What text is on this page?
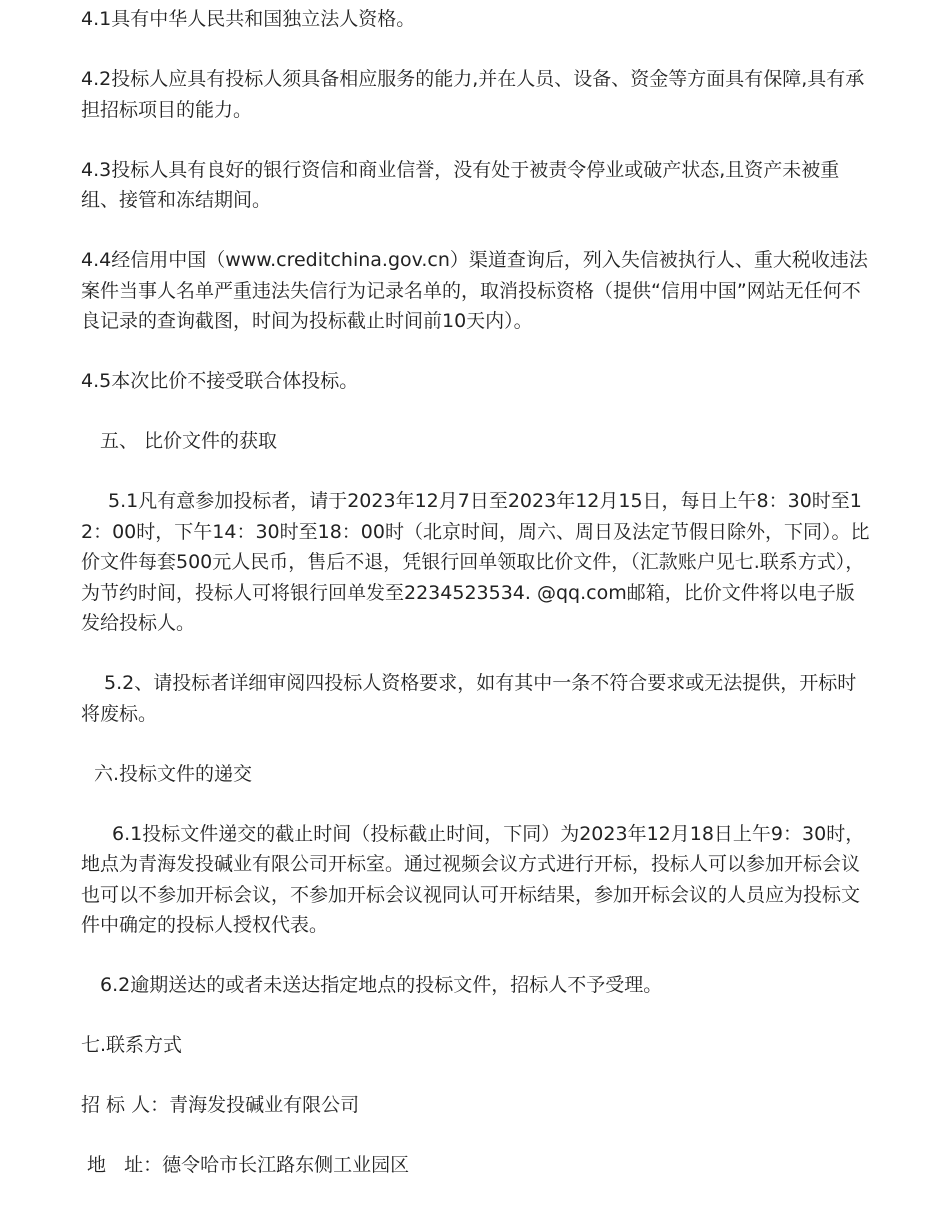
4.1具有中华人民共和国独立法人资格。

4.2投标人应具有投标人须具备相应服务的能力,并在人员、设备、资金等方面具有保障,具有承担招标项目的能力。

4.3投标人具有良好的银行资信和商业信誉，没有处于被责令停业或破产状态,且资产未被重组、接管和冻结期间。

4.4经信用中国（www.creditchina.gov.cn）渠道查询后，列入失信被执行人、重大税收违法案件当事人名单严重违法失信行为记录名单的，取消投标资格（提供“信用中国”网站无任何不良记录的查询截图，时间为投标截止时间前10天内）。

4.5本次比价不接受联合体投标。

五、 比价文件的获取

5.1凡有意参加投标者，请于2023年12月7日至2023年12月15日，每日上午8：30时至12：00时，下午14：30时至18：00时（北京时间，周六、周日及法定节假日除外，下同）。比价文件每套500元人民币，售后不退，凭银行回单领取比价文件，（汇款账户见七.联系方式），为节约时间，投标人可将银行回单发至2234523534. @qq.com邮箱，比价文件将以电子版发给投标人。

5.2、请投标者详细审阅四投标人资格要求，如有其中一条不符合要求或无法提供，开标时将废标。

六.投标文件的递交

6.1投标文件递交的截止时间（投标截止时间，下同）为2023年12月18日上午9：30时，地点为青海发投碱业有限公司开标室。通过视频会议方式进行开标，投标人可以参加开标会议也可以不参加开标会议，不参加开标会议视同认可开标结果，参加开标会议的人员应为投标文件中确定的投标人授权代表。

6.2逾期送达的或者未送达指定地点的投标文件，招标人不予受理。

七.联系方式

招 标 人：青海发投碱业有限公司

地   址：德令哈市长江路东侧工业园区
